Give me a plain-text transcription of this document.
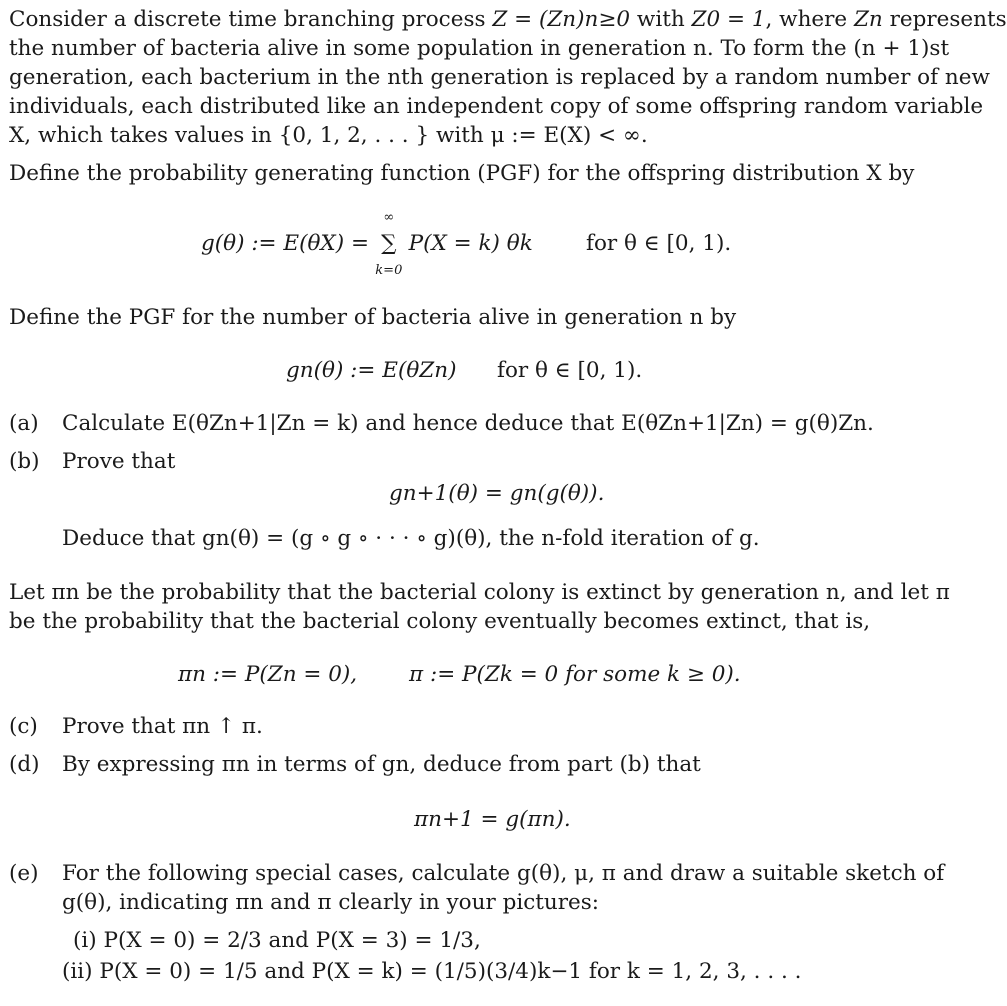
Consider a discrete time branching process Z = (Zn)n≥0 with Z0 = 1, where Zn represents
the number of bacteria alive in some population in generation n. To form the (n + 1)st
generation, each bacterium in the nth generation is replaced by a random number of new
individuals, each distributed like an independent copy of some offspring random variable
X, which takes values in {0, 1, 2, . . . } with μ := E(X) < ∞.
Define the probability generating function (PGF) for the offspring distribution X by
g(θ) := E(θX) = ∑
∞
k=0
P(X = k) θk for θ ∈ [0, 1).
Define the PGF for the number of bacteria alive in generation n by
gn(θ) := E(θZn) for θ ∈ [0, 1).
(a)	Calculate E(θZn+1|Zn = k) and hence deduce that E(θZn+1|Zn) = g(θ)Zn.
(b)	Prove that
gn+1(θ) = gn(g(θ)).
Deduce that gn(θ) = (g ∘ g ∘ · · · ∘ g)(θ), the n-fold iteration of g.
Let πn be the probability that the bacterial colony is extinct by generation n, and let π
be the probability that the bacterial colony eventually becomes extinct, that is,
πn := P(Zn = 0), π := P(Zk = 0 for some k ≥ 0).
(c)	Prove that πn ↑ π.
(d)	By expressing πn in terms of gn, deduce from part (b) that
πn+1 = g(πn).
(e)	For the following special cases, calculate g(θ), μ, π and draw a suitable sketch of
g(θ), indicating πn and π clearly in your pictures:
(i) P(X = 0) = 2/3 and P(X = 3) = 1/3,
(ii) P(X = 0) = 1/5 and P(X = k) = (1/5)(3/4)k−1 for k = 1, 2, 3, . . . .
